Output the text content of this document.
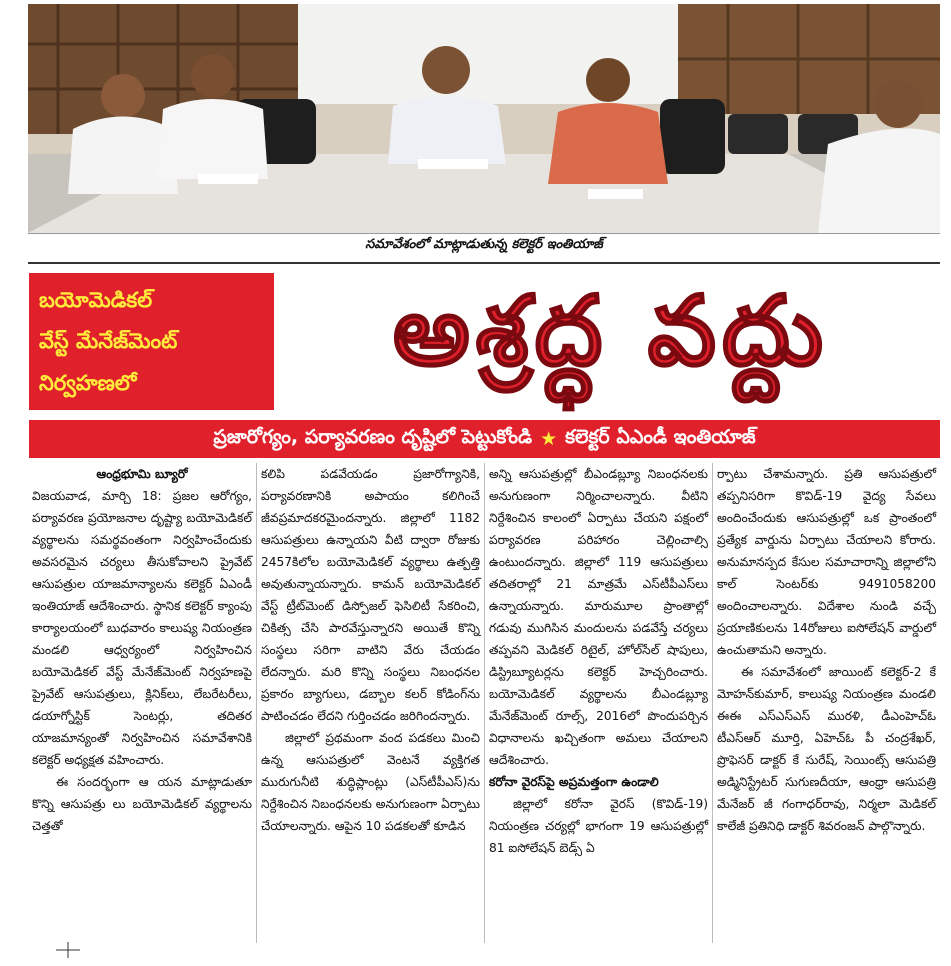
సమావేశంలో మాట్లాడుతున్న కలెక్టర్ ఇంతియాజ్
బయోమెడికల్
వేస్ట్ మేనేజ్‌మెంట్
నిర్వహణలో	అశ్రద్ధ వద్దు
ప్రజారోగ్యం, పర్యావరణం దృష్టిలో పెట్టుకోండి ★ కలెక్టర్ ఏఎండీ ఇంతియాజ్
ఆంధ్రభూమి బ్యూరో

విజయవాడ, మార్చి 18: ప్రజల ఆరోగ్యం, పర్యావరణ ప్రయోజనాల దృష్ట్యా బయోమెడికల్ వ్యర్థాలను సమర్థవంతంగా నిర్వహించేందుకు అవసరమైన చర్యలు తీసుకోవాలని ప్రైవేట్ ఆసుపత్రుల యాజమాన్యాలను కలెక్టర్ ఏఎండీ ఇంతియాజ్ ఆదేశించారు. స్థానిక కలెక్టర్ క్యాంపు కార్యాలయంలో బుధవారం కాలుష్య నియంత్రణ మండలి ఆధ్వర్యంలో నిర్వహించిన బయోమెడికల్ వేస్ట్ మేనేజ్‌మెంట్ నిర్వహణపై ప్రైవేట్ ఆసుపత్రులు, క్లినిక్‌లు, లేబరేటరీలు, డయాగ్నోస్టిక్ సెంటర్లు, తదితర యాజమాన్యంతో నిర్వహించిన సమావేశానికి కలెక్టర్ అధ్యక్షత వహించారు.

ఈ సందర్భంగా ఆ యన మాట్లాడుతూ కొన్ని ఆసుపత్రు లు బయోమెడికల్ వ్యర్థాలను చెత్తతో

కలిపి పడవేయడం ప్రజారోగ్యానికి, పర్యావరణానికి అపాయం కలిగించే జీవప్రమాదకరమైందన్నారు. జిల్లాలో 1182 ఆసుపత్రులు ఉన్నాయని వీటి ద్వారా రోజుకు 2457కిలోల బయోమెడికల్ వ్యర్థాలు ఉత్పత్తి అవుతున్నాయన్నారు. కామన్ బయోమెడికల్ వేస్ట్ ట్రీట్‌మెంట్ డిస్పోజల్ ఫెసిలిటీ సేకరించి, చికిత్స చేసి పారవేస్తున్నారని అయితే కొన్ని సంస్థలు సరిగా వాటిని వేరు చేయడం లేదన్నారు. మరి కొన్ని సంస్థలు నిబంధనల ప్రకారం బ్యాగులు, డబ్బాల కలర్ కోడింగ్‌ను పాటించడం లేదని గుర్తించడం జరిగిందన్నారు.

జిల్లాలో ప్రథమంగా వంద పడకలు మించి ఉన్న ఆసుపత్రులో వెంటనే వ్యక్తిగత మురుగునీటి శుద్ధిప్లాంట్లు (ఎస్‌టీపీఎస్)ను నిర్దేశించిన నిబంధనలకు అనుగుణంగా ఏర్పాటు చేయాలన్నారు. ఆపైన 10 పడకలతో కూడిన

అన్ని ఆసుపత్రుల్లో బీఎండబ్ల్యూ నిబంధనలకు అనుగుణంగా నిర్మించాలన్నారు. వీటిని నిర్దేశించిన కాలంలో ఏర్పాటు చేయని పక్షంలో పర్యావరణ పరిహారం చెల్లించాల్సి ఉంటుందన్నారు. జిల్లాలో 119 ఆసుపత్రులు తదితరాల్లో 21 మాత్రమే ఎస్‌టీపీఎస్‌లు ఉన్నాయన్నారు. మారుమూల ప్రాంతాల్లో గడువు ముగిసిన మందులను పడవేస్తే చర్యలు తప్పవని మెడికల్ రిటైల్, హోల్‌సేల్ షాపులు, డిస్ట్రిబ్యూటర్లను కలెక్టర్ హెచ్చరించారు. బయోమెడికల్ వ్యర్థాలను బీఎండబ్ల్యూ మేనేజ్‌మెంట్ రూల్స్, 2016లో పొందుపర్చిన విధానాలను ఖచ్చితంగా అమలు చేయాలని ఆదేశించారు.

కరోనా వైరస్‌పై అప్రమత్తంగా ఉండాలి

జిల్లాలో కరోనా వైరస్ (కొవిడ్-19) నియంత్రణ చర్యల్లో భాగంగా 19 ఆసుపత్రుల్లో 81 ఐసోలేషన్ బెడ్స్ ఏ

ర్పాటు చేశామన్నారు. ప్రతి ఆసుపత్రులో తప్పనిసరిగా కొవిడ్-19 వైద్య సేవలు అందించేందుకు ఆసుపత్రుల్లో ఒక ప్రాంతంలో ప్రత్యేక వార్డును ఏర్పాటు చేయాలని కోరారు. అనుమానస్పద కేసుల సమాచారాన్ని జిల్లాలోని కాల్ సెంటర్‌కు 9491058200 అందించాలన్నారు. విదేశాల నుండి వచ్చే ప్రయాణికులను 14రోజులు ఐసోలేషన్ వార్డులో ఉంచుతామని అన్నారు.

ఈ సమావేశంలో జాయింట్ కలెక్టర్-2 కే మోహన్‌కుమార్, కాలుష్య నియంత్రణ మండలి ఈఈ ఎస్‌ఎస్‌ఎస్ మురళి, డీఎంహెచ్‌ఓ టీఎస్‌ఆర్ మూర్తి, ఏహెచ్‌ఓ పీ చంద్రశేఖర్, ప్రొఫెసర్ డాక్టర్ కే సురేష్, సెయింట్స్ ఆసుపత్రి అడ్మినిస్ట్రేటర్ సుగుణదీయా, ఆంధ్రా ఆసుపత్రి మేనేజర్ జీ గంగాధర్‌రావు, నిర్మలా మెడికల్ కాలేజీ ప్రతినిధి డాక్టర్ శివరంజన్ పాల్గొన్నారు.
